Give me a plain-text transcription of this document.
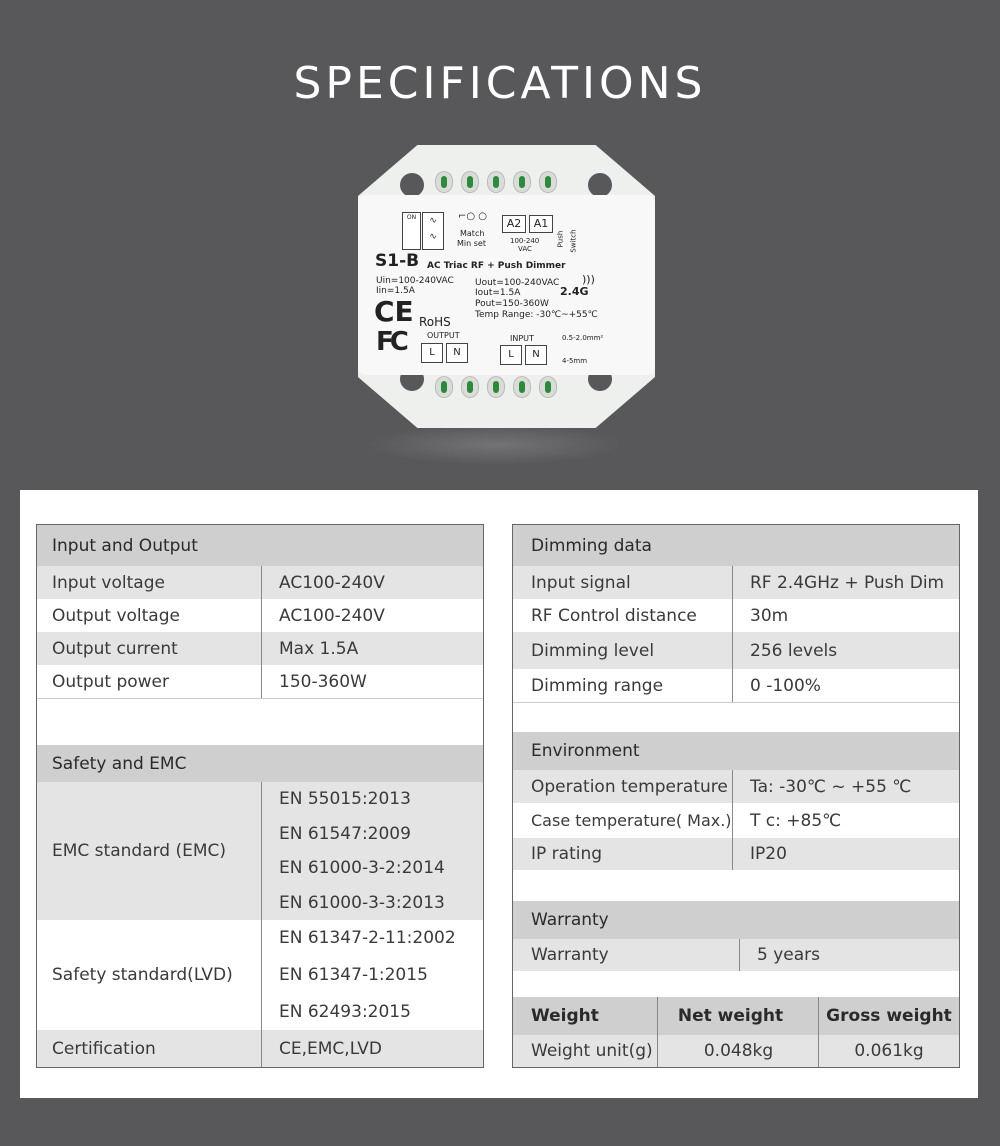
SPECIFICATIONS
ON	∿
∿
⌐○ ○
Match
Min set
A2	A1
100-240
VAC
Push Switch
S1-B AC Triac RF + Push Dimmer
Uin=100-240VAC
Iin=1.5A
Uout=100-240VAC
Iout=1.5A
Pout=150-360W
Temp Range: -30℃~+55℃
2.4G
)))
CE RoHS
FC	OUTPUT
L	N
INPUT
L	N
0.5-2.0mm²
4-5mm
Input and Output
Input voltage	AC100-240V
Output voltage	AC100-240V
Output current	Max 1.5A
Output power	150-360W
Safety and EMC
EMC standard (EMC)
EN 55015:2013
EN 61547:2009
EN 61000-3-2:2014
EN 61000-3-3:2013
Safety standard(LVD)
EN 61347-2-11:2002
EN 61347-1:2015
EN 62493:2015
Certification	CE,EMC,LVD
Dimming data
Input signal	RF 2.4GHz + Push Dim
RF Control distance	30m
Dimming level	256 levels
Dimming range	0 -100%
Environment
Operation temperature Ta: -30℃ ~ +55 ℃
Case temperature( Max.) T c: +85℃
IP rating	IP20
Warranty
Warranty	5 years
Weight	Net weight	Gross weight
Weight unit(g)	0.048kg	0.061kg
